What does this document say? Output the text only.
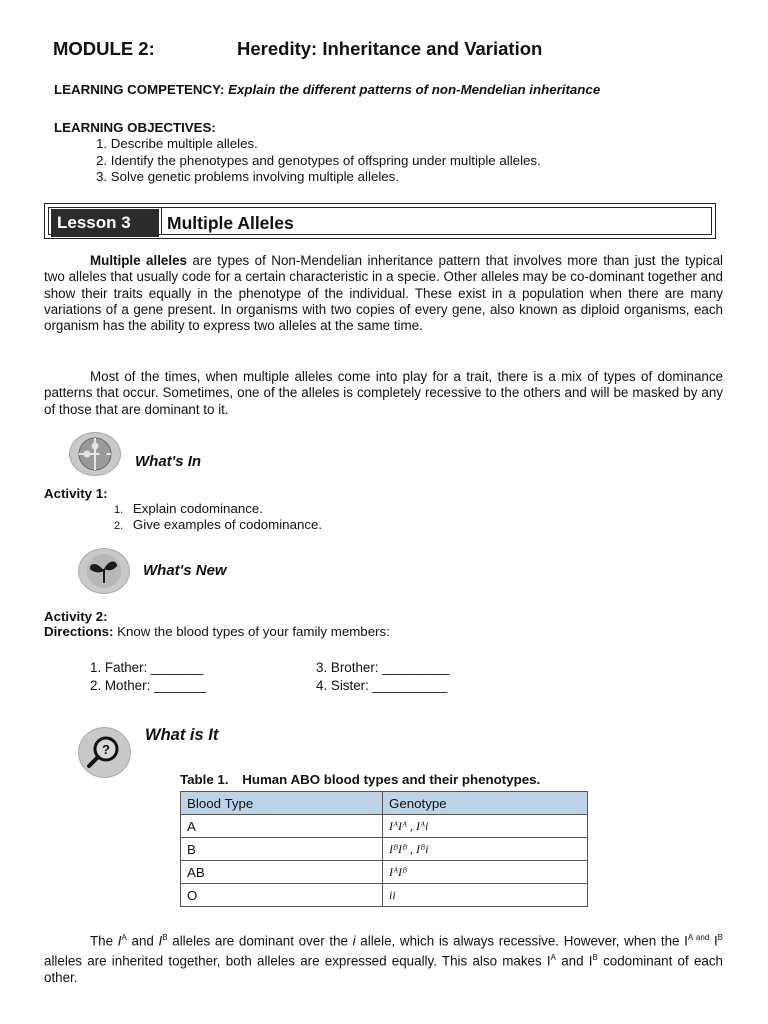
MODULE 2:	Heredity: Inheritance and Variation
LEARNING COMPETENCY: Explain the different patterns of non-Mendelian inheritance
LEARNING OBJECTIVES:
1. Describe multiple alleles.
2. Identify the phenotypes and genotypes of offspring under multiple alleles.
3. Solve genetic problems involving multiple alleles.
Lesson 3	Multiple Alleles
Multiple alleles are types of Non-Mendelian inheritance pattern that involves more than just the typical two alleles that usually code for a certain characteristic in a specie. Other alleles may be co-dominant together and show their traits equally in the phenotype of the individual. These exist in a population when there are many variations of a gene present. In organisms with two copies of every gene, also known as diploid organisms, each organism has the ability to express two alleles at the same time.
Most of the times, when multiple alleles come into play for a trait, there is a mix of types of dominance patterns that occur. Sometimes, one of the alleles is completely recessive to the others and will be masked by any of those that are dominant to it.
What's In
Activity 1:
1. Explain codominance.
2. Give examples of codominance.
What's New
Activity 2:
Directions: Know the blood types of your family members:
1. Father: _______
2. Mother: _______
3. Brother: _________
4. Sister: __________
?
What is It
Table 1. Human ABO blood types and their phenotypes.
Blood Type	Genotype
A	IᴬIᴬ , Iᴬi
B	IᴮIᴮ , Iᴮi
AB	IᴬIᴮ
O	ii
The $I^A$ and $I^B$ alleles are dominant over the i allele, which is always recessive. However, when the $I^{A and}$ $I^B$ alleles are inherited together, both alleles are expressed equally. This also makes $I^A$ and $I^B$ codominant of each other.
